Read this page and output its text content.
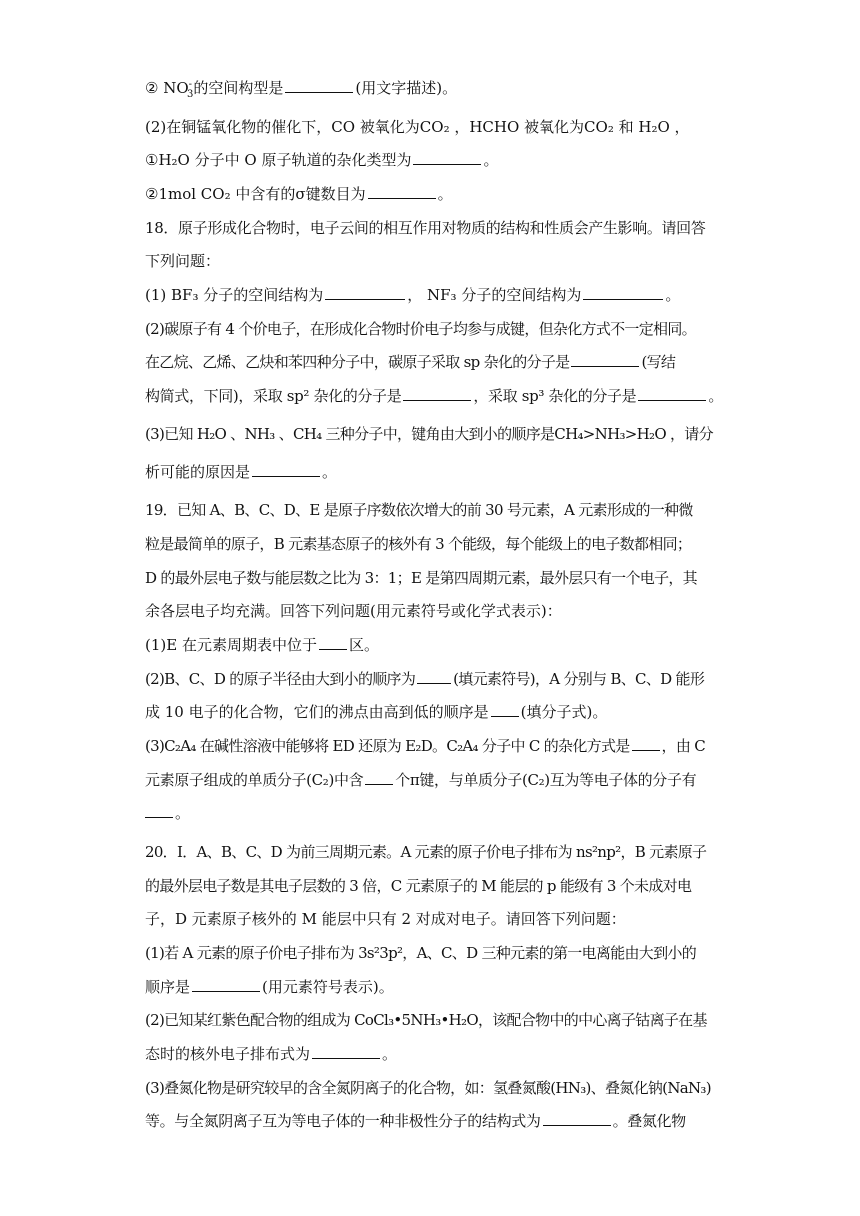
② $NO^-_3$的空间构型是	(用文字描述)。
(2)在铜锰氧化物的催化下，CO 被氧化为CO₂ ，HCHO 被氧化为CO₂ 和 H₂O ，
①H₂O 分子中 O 原子轨道的杂化类型为	。
②1mol CO₂ 中含有的σ键数目为	。
18．原子形成化合物时，电子云间的相互作用对物质的结构和性质会产生影响。请回答
下列问题：
(1) BF₃ 分子的空间结构为	， NF₃ 分子的空间结构为	。
(2)碳原子有 4 个价电子，在形成化合物时价电子均参与成键，但杂化方式不一定相同。
在乙烷、乙烯、乙炔和苯四种分子中，碳原子采取 sp 杂化的分子是	(写结
构简式，下同)，采取 sp² 杂化的分子是	，采取 sp³ 杂化的分子是	。
(3)已知 H₂O 、NH₃ 、CH₄ 三种分子中，键角由大到小的顺序是CH₄>NH₃>H₂O ，请分
析可能的原因是	。
19．已知 A、B、C、D、E 是原子序数依次增大的前 30 号元素，A 元素形成的一种微
粒是最简单的原子，B 元素基态原子的核外有 3 个能级，每个能级上的电子数都相同；
D 的最外层电子数与能层数之比为 3：1；E 是第四周期元素，最外层只有一个电子，其
余各层电子均充满。回答下列问题(用元素符号或化学式表示)：
(1)E 在元素周期表中位于 区。
(2)B、C、D 的原子半径由大到小的顺序为	(填元素符号)，A 分别与 B、C、D 能形
成 10 电子的化合物，它们的沸点由高到低的顺序是 (填分子式)。
(3)C₂A₄ 在碱性溶液中能够将 ED 还原为 E₂D。C₂A₄ 分子中 C 的杂化方式是 ，由 C
元素原子组成的单质分子(C₂)中含 个π键，与单质分子(C₂)互为等电子体的分子有
。
20．I．A、B、C、D 为前三周期元素。A 元素的原子价电子排布为 ns²np²，B 元素原子
的最外层电子数是其电子层数的 3 倍，C 元素原子的 M 能层的 p 能级有 3 个未成对电
子，D 元素原子核外的 M 能层中只有 2 对成对电子。请回答下列问题：
(1)若 A 元素的原子价电子排布为 3s²3p²，A、C、D 三种元素的第一电离能由大到小的
顺序是	(用元素符号表示)。
(2)已知某红紫色配合物的组成为 CoCl₃•5NH₃•H₂O，该配合物中的中心离子钴离子在基
态时的核外电子排布式为	。
(3)叠氮化物是研究较早的含全氮阴离子的化合物，如：氢叠氮酸(HN₃)、叠氮化钠(NaN₃)
等。与全氮阴离子互为等电子体的一种非极性分子的结构式为	。叠氮化物
